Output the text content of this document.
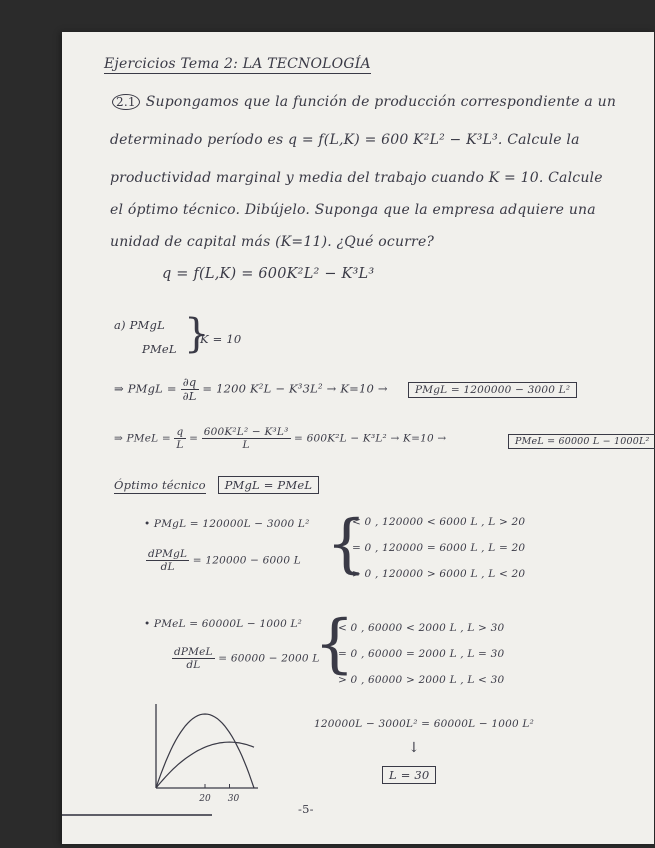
Ejercicios Tema 2: LA TECNOLOGÍA
2.1 Supongamos que la función de producción correspondiente a un
determinado período es q = f(L,K) = 600 K²L² − K³L³. Calcule la
productividad marginal y media del trabajo cuando K = 10. Calcule
el óptimo técnico. Dibújelo. Suponga que la empresa adquiere una
unidad de capital más (K=11). ¿Qué ocurre?
q = f(L,K) = 600K²L² − K³L³
a) PMgL
PMeL }
K = 10
⇒ PMgL = $\frac{\partial q}{\partial L} = 1200$ K²L − K³3L² → K=10 →	PMgL = 1200000 − 3000 L²
⇒ PMeL = $\frac{q}{L} = \frac{\text{600K²L² − K³L³}}{L} = 600K^2L - K^3L^2 \to K=10$ →	PMeL = 60000 L − 1000L²
Óptimo técnico PMgL = PMeL
• PMgL = 120000L − 3000 L²
$\frac{\text{dPMgL}}{dL} = 120000 - 6000$ L {
< 0 , 120000 < 6000 L , L > 20
= 0 , 120000 = 6000 L , L = 20
> 0 , 120000 > 6000 L , L < 20
• PMeL = 60000L − 1000 L²
$\frac{\text{dPMeL}}{dL} = 60000 - 2000$ L
{
< 0 , 60000 < 2000 L , L > 30
= 0 , 60000 = 2000 L , L = 30
> 0 , 60000 > 2000 L , L < 30
20 30
120000L − 3000L² = 60000L − 1000 L²
↓
L = 30
-5-
